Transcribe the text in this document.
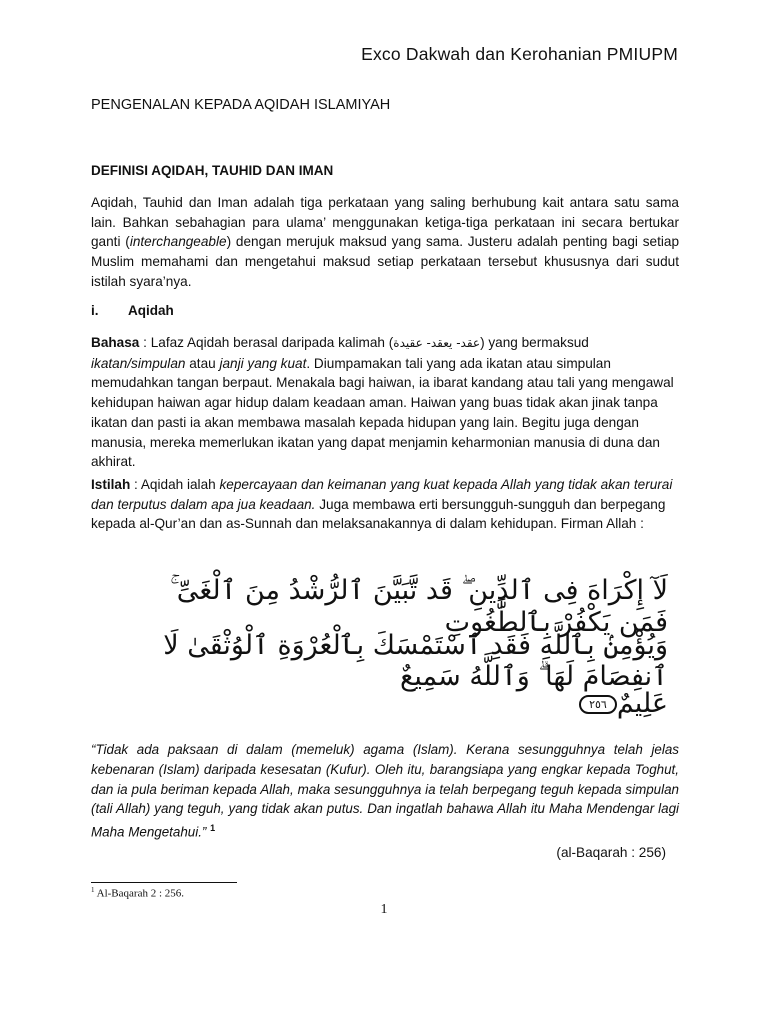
Exco Dakwah dan Kerohanian PMIUPM
PENGENALAN KEPADA AQIDAH ISLAMIYAH
DEFINISI AQIDAH, TAUHID DAN IMAN
Aqidah, Tauhid dan Iman adalah tiga perkataan yang saling berhubung kait antara satu sama lain. Bahkan sebahagian para ulama’ menggunakan ketiga-tiga perkataan ini secara bertukar ganti (interchangeable) dengan merujuk maksud yang sama. Justeru adalah penting bagi setiap Muslim memahami dan mengetahui maksud setiap perkataan tersebut khususnya dari sudut istilah syara’nya.
i. Aqidah
Bahasa : Lafaz Aqidah berasal daripada kalimah (عقد- يعقد- عقيدة) yang bermaksud ikatan/simpulan atau janji yang kuat. Diumpamakan tali yang ada ikatan atau simpulan memudahkan tangan berpaut. Menakala bagi haiwan, ia ibarat kandang atau tali yang mengawal kehidupan haiwan agar hidup dalam keadaan aman. Haiwan yang buas tidak akan jinak tanpa ikatan dan pasti ia akan membawa masalah kepada hidupan yang lain. Begitu juga dengan manusia, mereka memerlukan ikatan yang dapat menjamin keharmonian manusia di duna dan akhirat.
Istilah : Aqidah ialah kepercayaan dan keimanan yang kuat kepada Allah yang tidak akan terurai dan terputus dalam apa jua keadaan. Juga membawa erti bersungguh-sungguh dan berpegang kepada al-Qur’an dan as-Sunnah dan melaksanakannya di dalam kehidupan. Firman Allah :
لَآ إِكْرَاهَ فِى ٱلدِّينِ ۖ قَد تَّبَيَّنَ ٱلرُّشْدُ مِنَ ٱلْغَىِّ ۚ فَمَن يَكْفُرْ بِٱلطَّٰغُوتِ
وَيُؤْمِنۢ بِٱللَّهِ فَقَدِ ٱسْتَمْسَكَ بِٱلْعُرْوَةِ ٱلْوُثْقَىٰ لَا ٱنفِصَامَ لَهَا ۗ وَٱللَّهُ سَمِيعٌ
عَلِيمٌ٢٥٦
“Tidak ada paksaan di dalam (memeluk) agama (Islam). Kerana sesungguhnya telah jelas kebenaran (Islam) daripada kesesatan (Kufur). Oleh itu, barangsiapa yang engkar kepada Toghut, dan ia pula beriman kepada Allah, maka sesungguhnya ia telah berpegang teguh kepada simpulan (tali Allah) yang teguh, yang tidak akan putus. Dan ingatlah bahawa Allah itu Maha Mendengar lagi Maha Mengetahui.” $^1$
(al-Baqarah : 256)
$^1$ Al-Baqarah 2 : 256.
1
